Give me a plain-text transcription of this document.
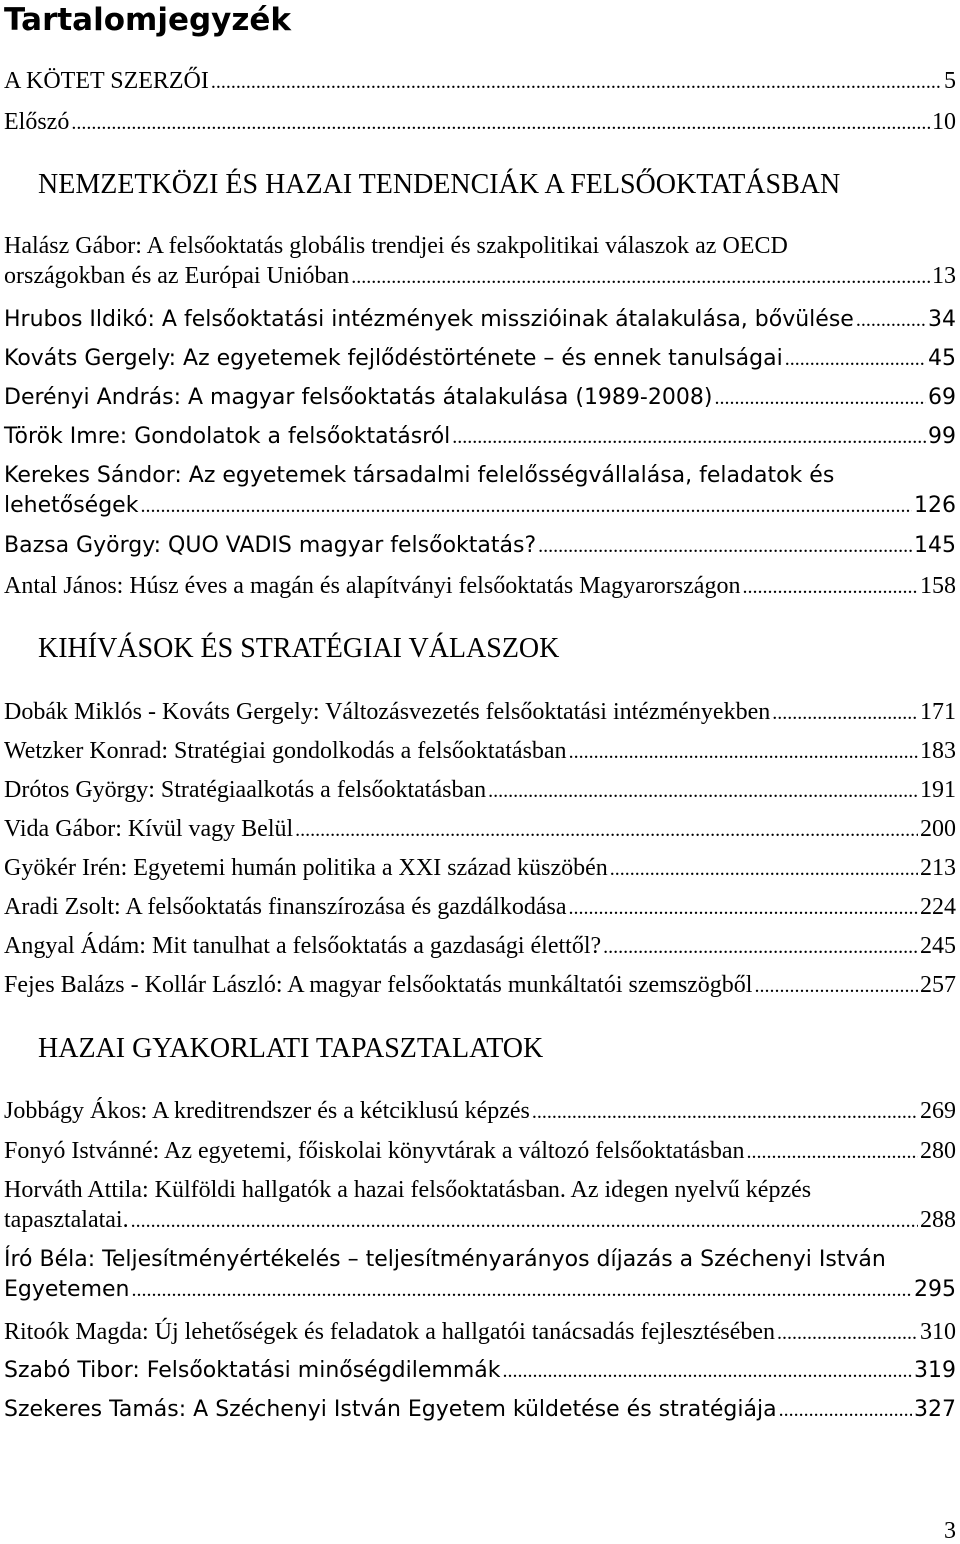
Tartalomjegyzék
A KÖTET SZERZŐI .....	5
Előszó .....	10
NEMZETKÖZI ÉS HAZAI TENDENCIÁK A FELSŐOKTATÁSBAN
Halász Gábor: A felsőoktatás globális trendjei és szakpolitikai válaszok az OECD
országokban és az Európai Unióban .....	13
Hrubos Ildikó: A felsőoktatási intézmények misszióinak átalakulása, bővülése .....	34
Kováts Gergely: Az egyetemek fejlődéstörténete – és ennek tanulságai .....	45
Derényi András: A magyar felsőoktatás átalakulása (1989-2008) .....	69
Török Imre: Gondolatok a felsőoktatásról .....	99
Kerekes Sándor: Az egyetemek társadalmi felelősségvállalása, feladatok és
lehetőségek .....	126
Bazsa György: QUO VADIS magyar felsőoktatás? .....	145
Antal János: Húsz éves a magán és alapítványi felsőoktatás Magyarországon .....	158
KIHÍVÁSOK ÉS STRATÉGIAI VÁLASZOK
Dobák Miklós - Kováts Gergely: Változásvezetés felsőoktatási intézményekben .....	171
Wetzker Konrad: Stratégiai gondolkodás a felsőoktatásban .....	183
Drótos György: Stratégiaalkotás a felsőoktatásban .....	191
Vida Gábor: Kívül vagy Belül .....	200
Gyökér Irén: Egyetemi humán politika a XXI század küszöbén .....	213
Aradi Zsolt: A felsőoktatás finanszírozása és gazdálkodása .....	224
Angyal Ádám: Mit tanulhat a felsőoktatás a gazdasági élettől? .....	245
Fejes Balázs - Kollár László: A magyar felsőoktatás munkáltatói szemszögből .....	257
HAZAI GYAKORLATI TAPASZTALATOK
Jobbágy Ákos: A kreditrendszer és a kétciklusú képzés .....	269
Fonyó Istvánné: Az egyetemi, főiskolai könyvtárak a változó felsőoktatásban .....	280
Horváth Attila: Külföldi hallgatók a hazai felsőoktatásban. Az idegen nyelvű képzés
tapasztalatai. .....	288
Író Béla: Teljesítményértékelés – teljesítményarányos díjazás a Széchenyi István
Egyetemen .....	295
Ritoók Magda: Új lehetőségek és feladatok a hallgatói tanácsadás fejlesztésében .....	310
Szabó Tibor: Felsőoktatási minőségdilemmák .....	319
Szekeres Tamás: A Széchenyi István Egyetem küldetése és stratégiája .....	327
3
